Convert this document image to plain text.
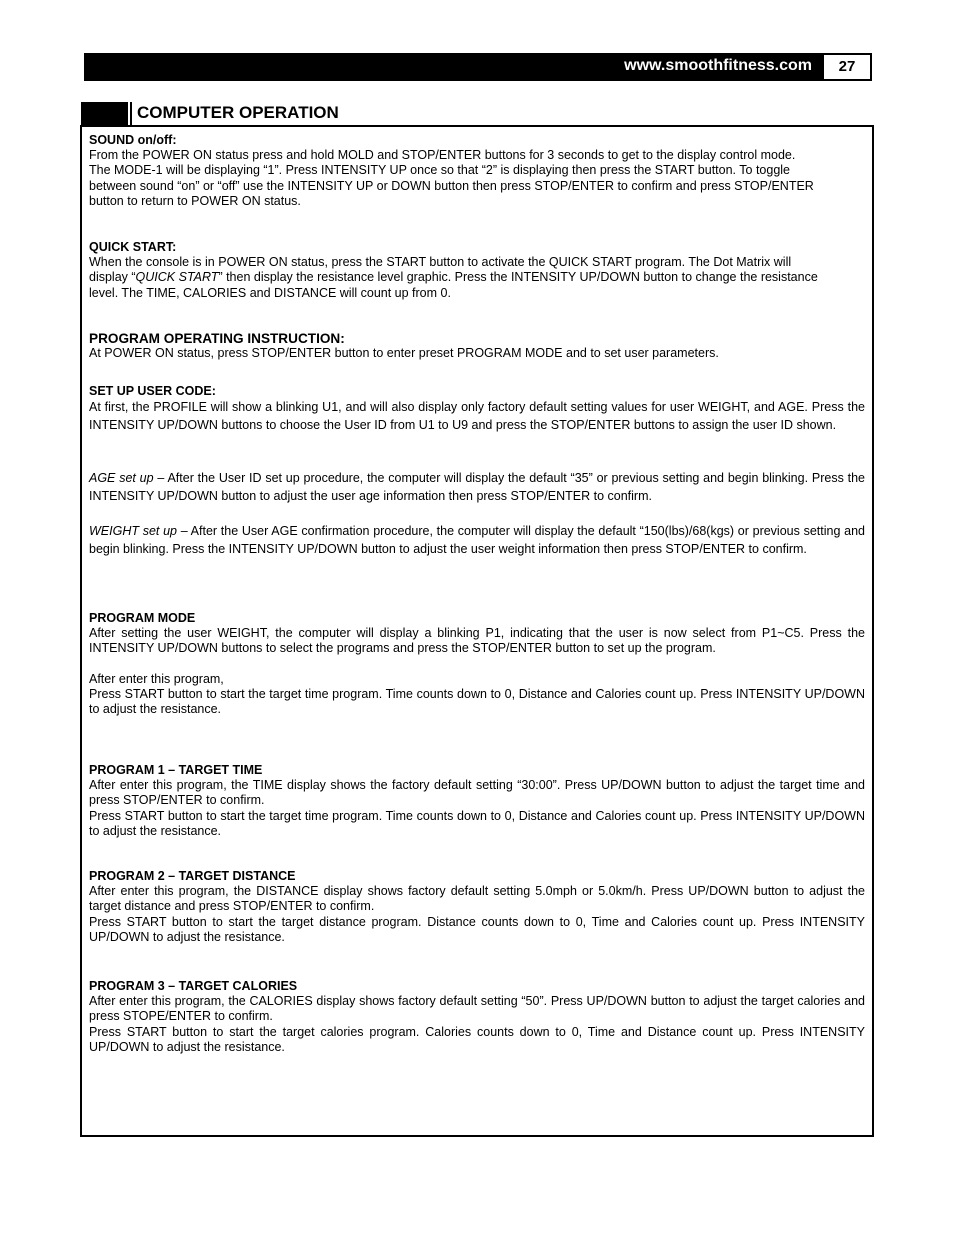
www.smoothfitness.com	27
COMPUTER OPERATION
SOUND on/off:

From the POWER ON status press and hold MOLD and STOP/ENTER buttons for 3 seconds to get to the display control mode.

The MODE-1 will be displaying “1”. Press INTENSITY UP once so that “2” is displaying then press the START button. To toggle

between sound “on” or “off” use the INTENSITY UP or DOWN button then press STOP/ENTER to confirm and press STOP/ENTER

button to return to POWER ON status.

QUICK START:

When the console is in POWER ON status, press the START button to activate the QUICK START program. The Dot Matrix will

display “QUICK START” then display the resistance level graphic. Press the INTENSITY UP/DOWN button to change the resistance

level. The TIME, CALORIES and DISTANCE will count up from 0.

PROGRAM OPERATING INSTRUCTION:

At POWER ON status, press STOP/ENTER button to enter preset PROGRAM MODE and to set user parameters.

SET UP USER CODE:

At first, the PROFILE will show a blinking U1, and will also display only factory default setting values for user WEIGHT, and AGE. Press the INTENSITY UP/DOWN buttons to choose the User ID from U1 to U9 and press the STOP/ENTER buttons to assign the user ID shown.

AGE set up – After the User ID set up procedure, the computer will display the default “35” or previous setting and begin blinking. Press the INTENSITY UP/DOWN button to adjust the user age information then press STOP/ENTER to confirm.

WEIGHT set up – After the User AGE confirmation procedure, the computer will display the default “150(lbs)/68(kgs) or previous setting and begin blinking. Press the INTENSITY UP/DOWN button to adjust the user weight information then press STOP/ENTER to confirm.

PROGRAM MODE

After setting the user WEIGHT, the computer will display a blinking P1, indicating that the user is now select from P1~C5. Press the INTENSITY UP/DOWN buttons to select the programs and press the STOP/ENTER button to set up the program.

After enter this program,

Press START button to start the target time program. Time counts down to 0, Distance and Calories count up. Press INTENSITY UP/DOWN to adjust the resistance.

PROGRAM 1 – TARGET TIME

After enter this program, the TIME display shows the factory default setting “30:00”. Press UP/DOWN button to adjust the target time and press STOP/ENTER to confirm.

Press START button to start the target time program. Time counts down to 0, Distance and Calories count up. Press INTENSITY UP/DOWN to adjust the resistance.

PROGRAM 2 – TARGET DISTANCE

After enter this program, the DISTANCE display shows factory default setting 5.0mph or 5.0km/h. Press UP/DOWN button to adjust the target distance and press STOP/ENTER to confirm.

Press START button to start the target distance program. Distance counts down to 0, Time and Calories count up. Press INTENSITY UP/DOWN to adjust the resistance.

PROGRAM 3 – TARGET CALORIES

After enter this program, the CALORIES display shows factory default setting “50”. Press UP/DOWN button to adjust the target calories and press STOPE/ENTER to confirm.

Press START button to start the target calories program. Calories counts down to 0, Time and Distance count up. Press INTENSITY UP/DOWN to adjust the resistance.
